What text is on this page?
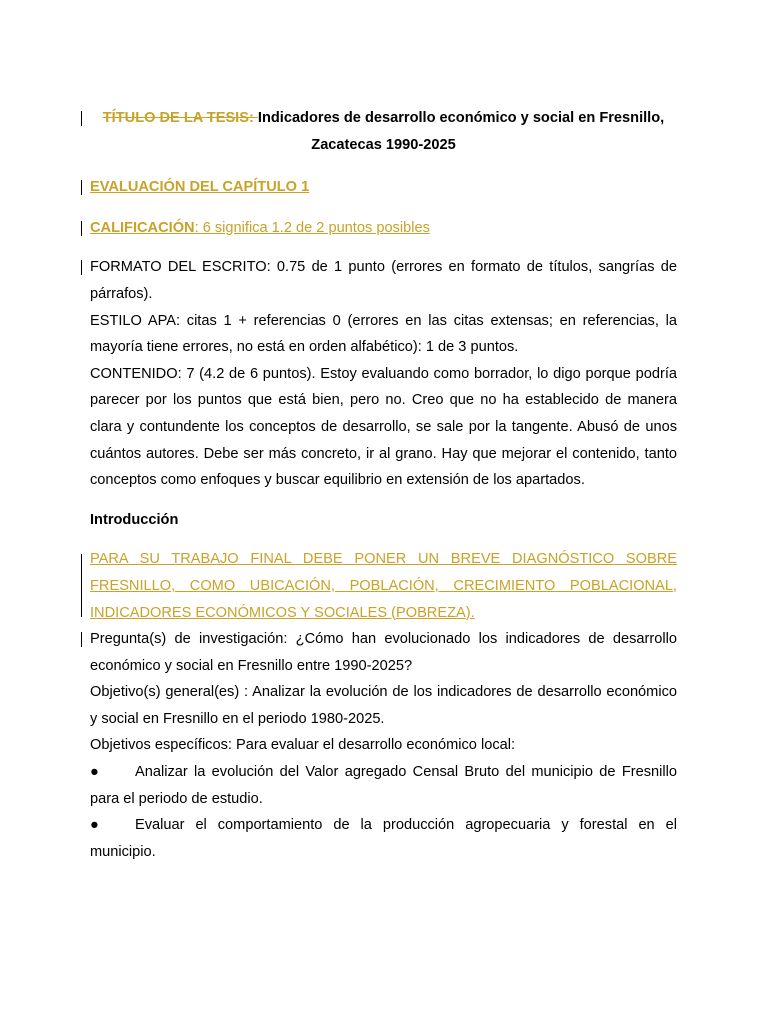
TÍTULO DE LA TESIS: Indicadores de desarrollo económico y social en Fresnillo,
Zacatecas 1990-2025

EVALUACIÓN DEL CAPÍTULO 1

CALIFICACIÓN: 6 significa 1.2 de 2 puntos posibles

FORMATO DEL ESCRITO: 0.75 de 1 punto (errores en formato de títulos, sangrías de párrafos).

ESTILO APA: citas 1 + referencias 0 (errores en las citas extensas; en referencias, la mayoría tiene errores, no está en orden alfabético): 1 de 3 puntos.

CONTENIDO: 7 (4.2 de 6 puntos). Estoy evaluando como borrador, lo digo porque podría parecer por los puntos que está bien, pero no. Creo que no ha establecido de manera clara y contundente los conceptos de desarrollo, se sale por la tangente. Abusó de unos cuántos autores. Debe ser más concreto, ir al grano. Hay que mejorar el contenido, tanto conceptos como enfoques y buscar equilibrio en extensión de los apartados.

Introducción

PARA SU TRABAJO FINAL DEBE PONER UN BREVE DIAGNÓSTICO SOBRE FRESNILLO, COMO UBICACIÓN, POBLACIÓN, CRECIMIENTO POBLACIONAL, INDICADORES ECONÓMICOS Y SOCIALES (POBREZA).

Pregunta(s) de investigación: ¿Cómo han evolucionado los indicadores de desarrollo económico y social en Fresnillo entre 1990-2025?

Objetivo(s) general(es) : Analizar la evolución de los indicadores de desarrollo económico y social en Fresnillo en el periodo 1980-2025.

Objetivos específicos: Para evaluar el desarrollo económico local:

●	Analizar la evolución del Valor agregado Censal Bruto del municipio de Fresnillo
para el periodo de estudio.
●	Evaluar el comportamiento de la producción agropecuaria y forestal en el
municipio.
